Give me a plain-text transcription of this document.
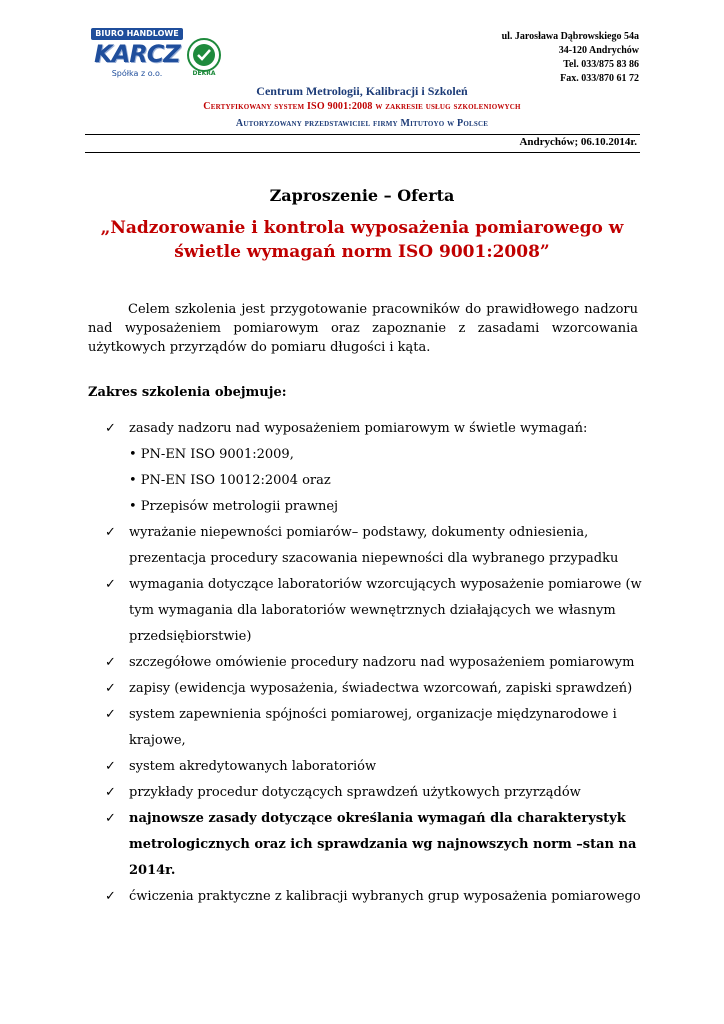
BIURO HANDLOWE
KARCZ
Spółka z o.o.	DEKRA
ul. Jarosława Dąbrowskiego 54a
34-120 Andrychów
Tel. 033/875 83 86
Fax. 033/870 61 72
Centrum Metrologii, Kalibracji i Szkoleń
Certyfikowany system ISO 9001:2008 w zakresie usług szkoleniowych
Autoryzowany przedstawiciel firmy Mitutoyo w Polsce
Andrychów; 06.10.2014r.
Zaproszenie – Oferta
„Nadzorowanie i kontrola wyposażenia pomiarowego w
świetle wymagań norm ISO 9001:2008”
Celem szkolenia jest przygotowanie pracowników do prawidłowego nadzoru nad wyposażeniem pomiarowym oraz zapoznanie z zasadami wzorcowania użytkowych przyrządów do pomiaru długości i kąta.
Zakres szkolenia obejmuje:
✓	zasady nadzoru nad wyposażeniem pomiarowym w świetle wymagań:
• PN-EN ISO 9001:2009,
• PN-EN ISO 10012:2004 oraz
• Przepisów metrologii prawnej
✓	wyrażanie niepewności pomiarów– podstawy, dokumenty odniesienia,
prezentacja procedury szacowania niepewności dla wybranego przypadku
✓	wymagania dotyczące laboratoriów wzorcujących wyposażenie pomiarowe (w
tym wymagania dla laboratoriów wewnętrznych działających we własnym
przedsiębiorstwie)
✓	szczegółowe omówienie procedury nadzoru nad wyposażeniem pomiarowym
✓	zapisy (ewidencja wyposażenia, świadectwa wzorcowań, zapiski sprawdzeń)
✓	system zapewnienia spójności pomiarowej, organizacje międzynarodowe i
krajowe,
✓	system akredytowanych laboratoriów
✓	przykłady procedur dotyczących sprawdzeń użytkowych przyrządów
✓	najnowsze zasady dotyczące określania wymagań dla charakterystyk
metrologicznych oraz ich sprawdzania wg najnowszych norm –stan na
2014r.
✓	ćwiczenia praktyczne z kalibracji wybranych grup wyposażenia pomiarowego
